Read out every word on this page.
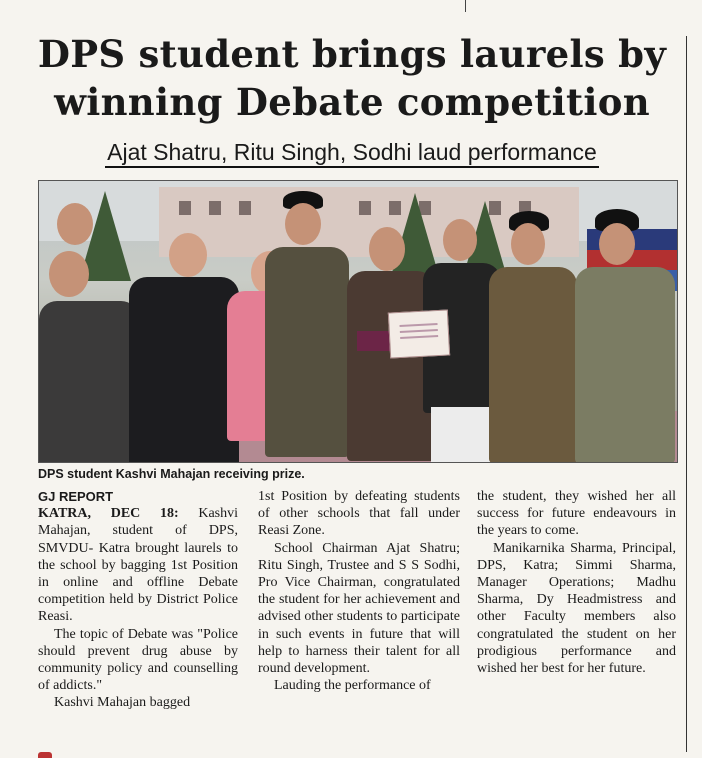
DPS student brings laurels by winning Debate competition
Ajat Shatru, Ritu Singh, Sodhi laud performance
DPS student Kashvi Mahajan receiving prize.

GJ REPORT

KATRA, DEC 18: Kashvi Mahajan, student of DPS, SMVDU- Katra brought laurels to the school by bagging 1st Position in online and offline Debate competition held by District Police Reasi.

The topic of Debate was "Police should prevent drug abuse by community policy and counselling of addicts."

Kashvi Mahajan bagged

1st Position by defeating students of other schools that fall under Reasi Zone.

School Chairman Ajat Shatru; Ritu Singh, Trustee and S S Sodhi, Pro Vice Chairman, congratulated the student for her achievement and advised other students to participate in such events in future that will help to harness their talent for all round development.

Lauding the performance of

the student, they wished her all success for future endeavours in the years to come.

Manikarnika Sharma, Principal, DPS, Katra; Simmi Sharma, Manager Operations; Madhu Sharma, Dy Headmistress and other Faculty members also congratulated the student on her prodigious performance and wished her best for her future.
